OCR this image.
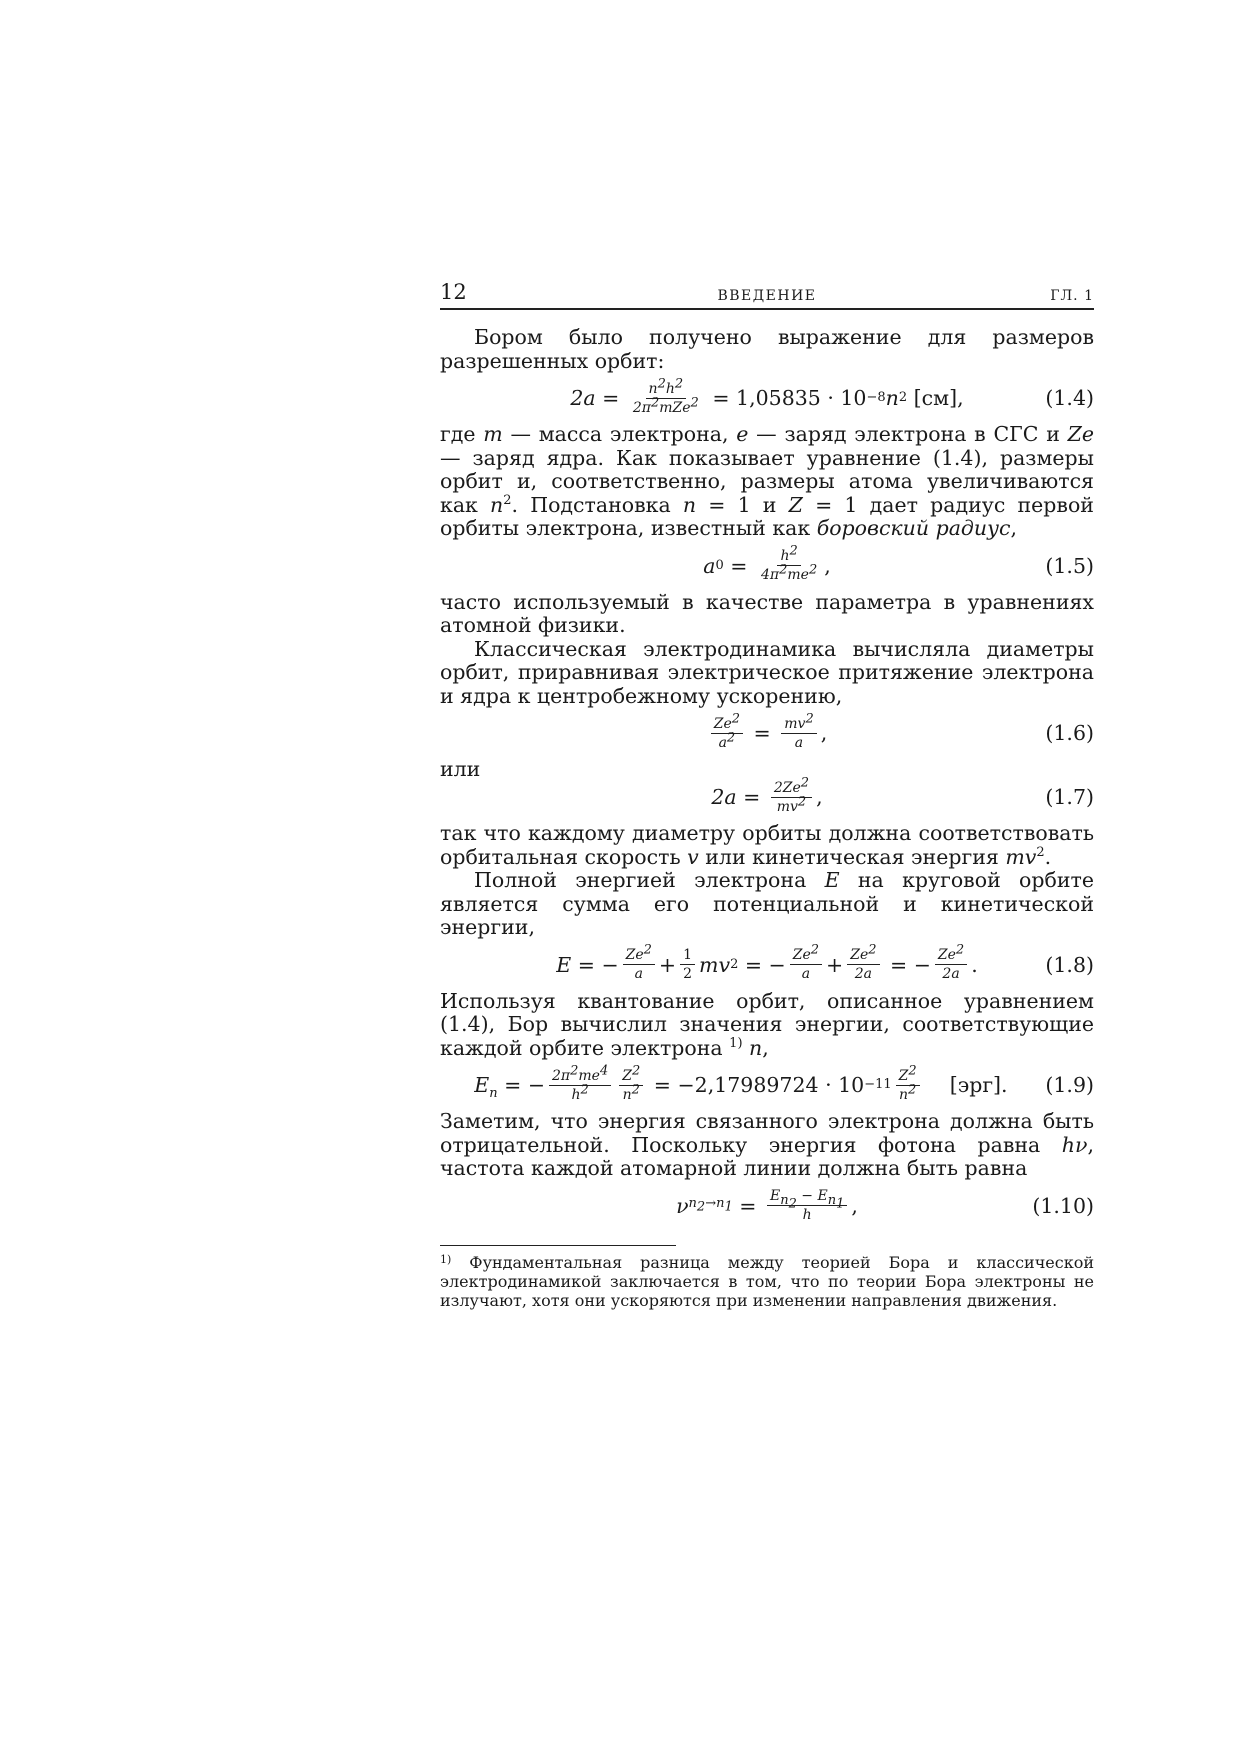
12	ВВЕДЕНИЕ	ГЛ. 1

Бором было получено выражение для размеров разрешенных орбит:

$2a = \frac{n^2h^2}{2\pi^2mZe^2}$
= 1,05835 · 10 −8 n 2
[см],	(1.4)

где m — масса электрона, e — заряд электрона в СГС и Ze — заряд ядра. Как показывает уравнение (1.4), размеры орбит и, соответственно, размеры атома увеличиваются как $n^2$. Подстановка n = 1 и Z = 1 дает радиус первой орбиты электрона, известный как боровский радиус,

a $0 = \frac{h^2}{4\pi^2me^2}$ ,	(1.5)

часто используемый в качестве параметра в уравнениях атомной физики.

Классическая электродинамика вычисляла диаметры орбит, приравнивая электрическое притяжение электрона и ядра к центробежному ускорению,

$\frac{Ze^2}{a^2} = \frac{mv^2}{a}$ ,	(1.6)

или

$2a = \frac{2Ze^2}{mv^2}$ ,	(1.7)

так что каждому диаметру орбиты должна соответствовать орбитальная скорость v или кинетическая энергия $mv^2$.

Полной энергией электрона E на круговой орбите является сумма его потенциальной и кинетической энергии,

E = − $\frac{Ze^2}{a} + \frac{1}{2}$ mv 2 = − $\frac{Ze^2}{a} + \frac{Ze^2}{2a}$ = − $\frac{Ze^2}{2a}$ .	(1.8)

Используя квантование орбит, описанное уравнением (1.4), Бор вычислил значения энергии, соответствующие каждой орбите электрона $^{1)}$ n,

$E_n$ = − $\frac{2\pi^2me^4}{h^2} \frac{Z^2}{n^2}$
= $-2,17989724 \cdot 10 -11 \frac{Z^2}{n^2}$
[эрг].
(1.9)

Заметим, что энергия связанного электрона должна быть отрицательной. Поскольку энергия фотона равна hν, частота каждой атомарной линии должна быть равна

ν $n_2\to n_1 = \frac{E_{n_2} - E_{n_1}}{h}$ ,	(1.10)
$^{1)}$ Фундаментальная разница между теорией Бора и классической электродинамикой заключается в том, что по теории Бора электроны не излучают, хотя они ускоряются при изменении направления движения.
